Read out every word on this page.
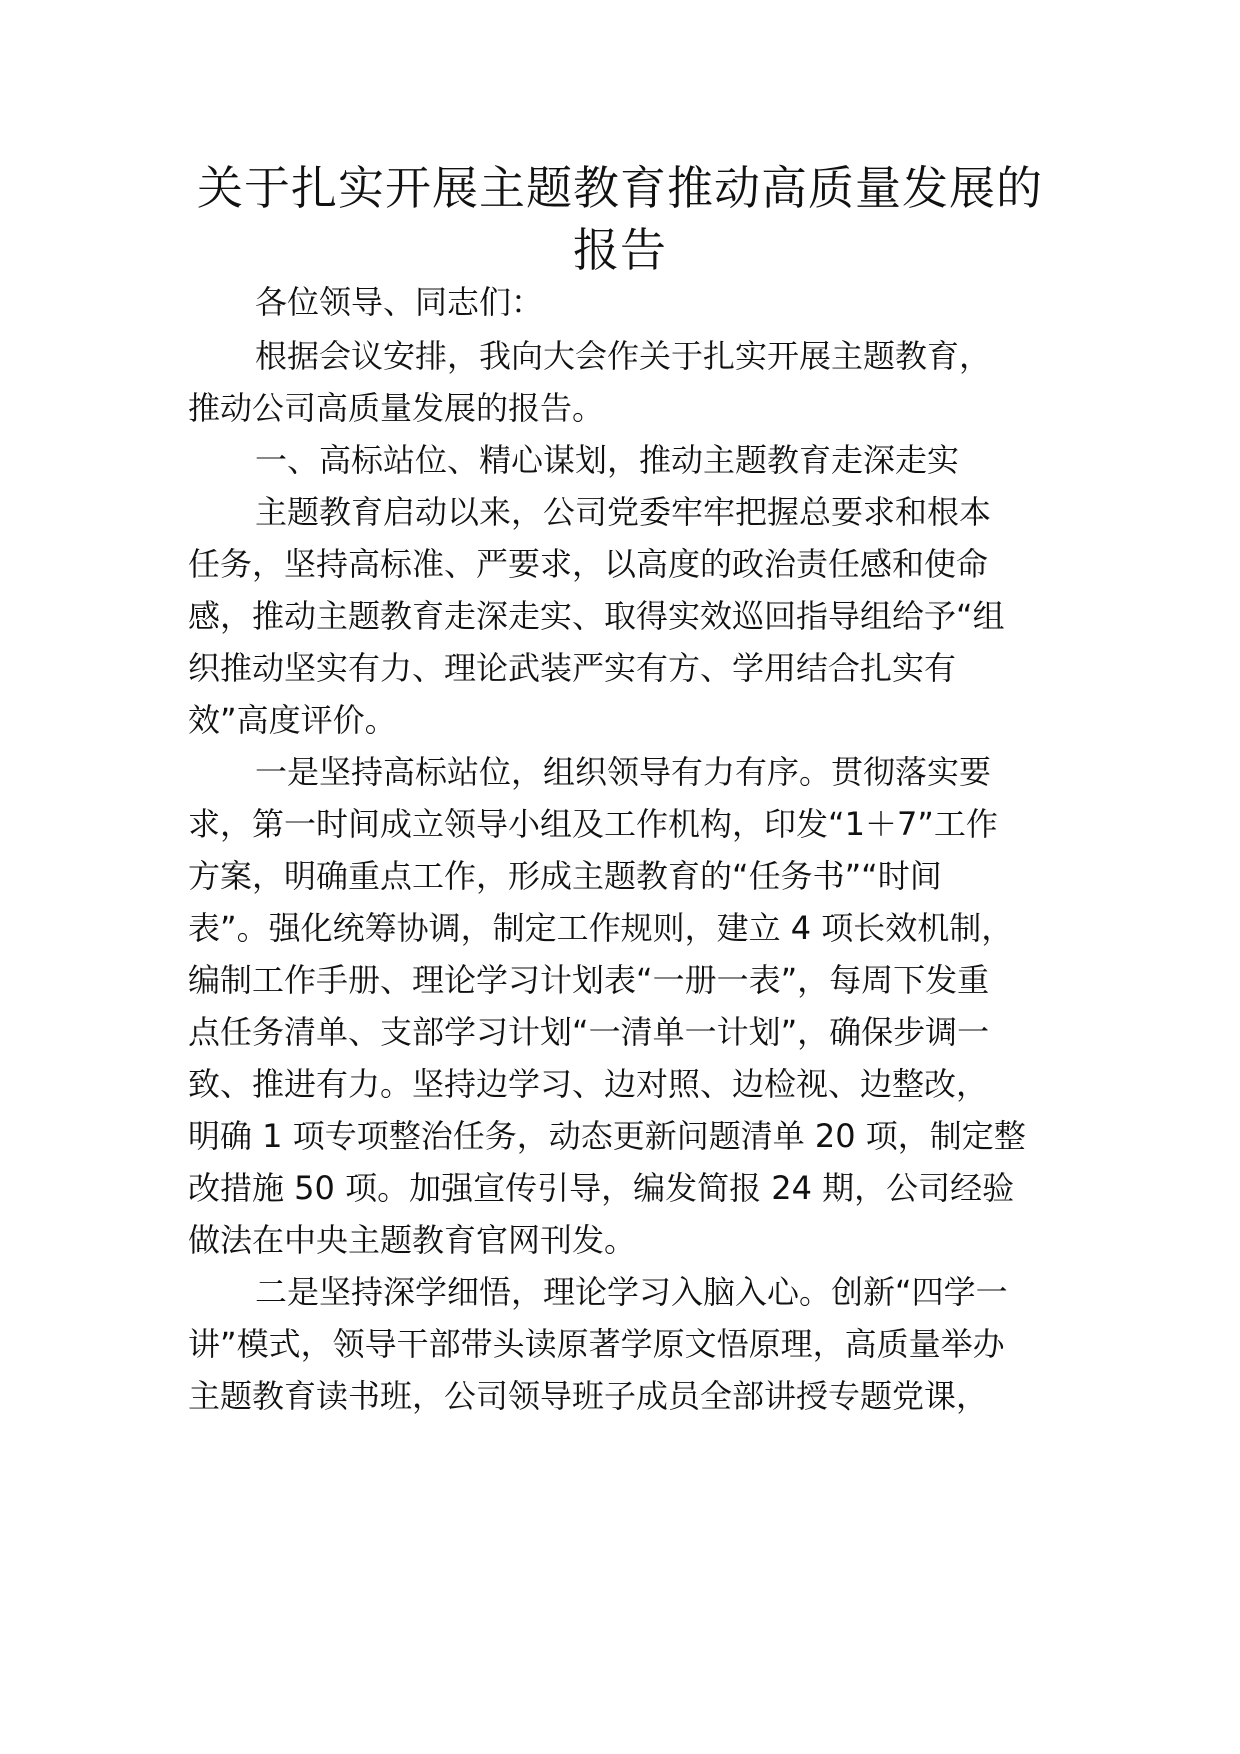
关于扎实开展主题教育推动高质量发展的
报告

各位领导、同志们：

根据会议安排，我向大会作关于扎实开展主题教育，

推动公司高质量发展的报告。

一、高标站位、精心谋划，推动主题教育走深走实

主题教育启动以来，公司党委牢牢把握总要求和根本

任务，坚持高标准、严要求，以高度的政治责任感和使命

感，推动主题教育走深走实、取得实效巡回指导组给予“组

织推动坚实有力、理论武装严实有方、学用结合扎实有

效”高度评价。

一是坚持高标站位，组织领导有力有序。贯彻落实要

求，第一时间成立领导小组及工作机构，印发“1＋7”工作

方案，明确重点工作，形成主题教育的“任务书”“时间

表”。强化统筹协调，制定工作规则，建立 4 项长效机制，

编制工作手册、理论学习计划表“一册一表”，每周下发重

点任务清单、支部学习计划“一清单一计划”，确保步调一

致、推进有力。坚持边学习、边对照、边检视、边整改，

明确 1 项专项整治任务，动态更新问题清单 20 项，制定整

改措施 50 项。加强宣传引导，编发简报 24 期，公司经验

做法在中央主题教育官网刊发。

二是坚持深学细悟，理论学习入脑入心。创新“四学一

讲”模式，领导干部带头读原著学原文悟原理，高质量举办

主题教育读书班，公司领导班子成员全部讲授专题党课，
